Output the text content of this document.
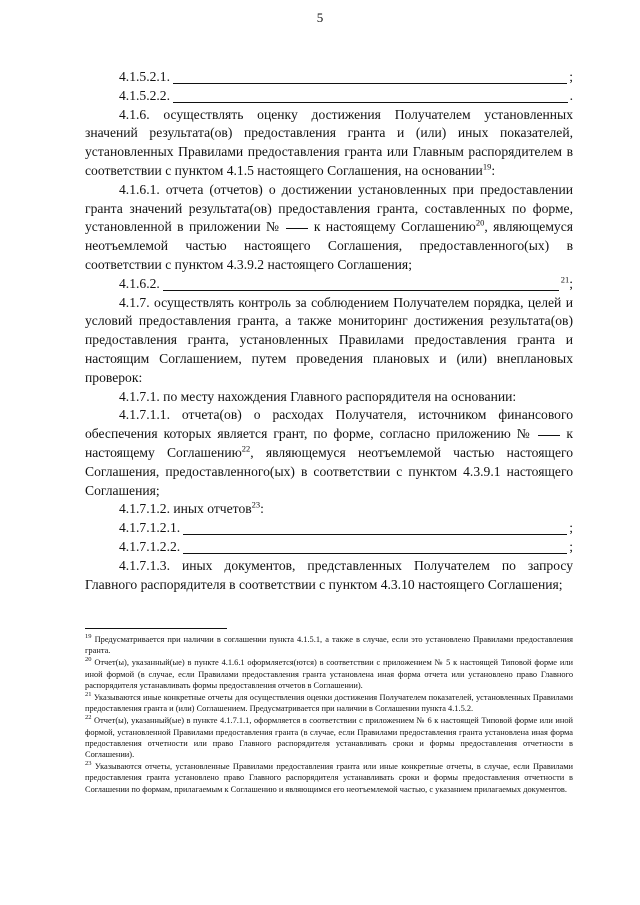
5
4.1.5.2.1.	;
4.1.5.2.2.	.

4.1.6. осуществлять оценку достижения Получателем установленных значений результата(ов) предоставления гранта и (или) иных показателей, установленных Правилами предоставления гранта или Главным распорядителем в соответствии с пунктом 4.1.5 настоящего Соглашения, на основании$^{19}$:

4.1.6.1. отчета (отчетов) о достижении установленных при предоставлении гранта значений результата(ов) предоставления гранта, составленных по форме, установленной в приложении № к настоящему Соглашению$^{20}$, являющемуся неотъемлемой частью настоящего Соглашения, предоставленного(ых) в соответствии с пунктом 4.3.9.2 настоящего Соглашения;

4.1.6.2.	$^{21}$;

4.1.7. осуществлять контроль за соблюдением Получателем порядка, целей и условий предоставления гранта, а также мониторинг достижения результата(ов) предоставления гранта, установленных Правилами предоставления гранта и настоящим Соглашением, путем проведения плановых и (или) внеплановых проверок:

4.1.7.1. по месту нахождения Главного распорядителя на основании:

4.1.7.1.1. отчета(ов) о расходах Получателя, источником финансового обеспечения которых является грант, по форме, согласно приложению №	к настоящему Соглашению$^{22}$, являющемуся неотъемлемой частью настоящего Соглашения, предоставленного(ых) в соответствии с пунктом 4.3.9.1 настоящего Соглашения;

4.1.7.1.2. иных отчетов$^{23}$:

4.1.7.1.2.1.	;
4.1.7.1.2.2.	;

4.1.7.1.3. иных документов, представленных Получателем по запросу Главного распорядителя в соответствии с пунктом 4.3.10 настоящего Соглашения;

$^{19}$ Предусматривается при наличии в соглашении пункта 4.1.5.1, а также в случае, если это установлено Правилами предоставления гранта.

$^{20}$ Отчет(ы), указанный(ые) в пункте 4.1.6.1 оформляется(ются) в соответствии с приложением № 5 к настоящей Типовой форме или иной формой (в случае, если Правилами предоставления гранта установлена иная форма отчета или установлено право Главного распорядителя устанавливать формы предоставления отчетов в Соглашении).

$^{21}$ Указываются иные конкретные отчеты для осуществления оценки достижения Получателем показателей, установленных Правилами предоставления гранта и (или) Соглашением. Предусматривается при наличии в Соглашении пункта 4.1.5.2.

$^{22}$ Отчет(ы), указанный(ые) в пункте 4.1.7.1.1, оформляется в соответствии с приложением № 6 к настоящей Типовой форме или иной формой, установленной Правилами предоставления гранта (в случае, если Правилами предоставления гранта установлена иная форма предоставления отчетности или право Главного распорядителя устанавливать сроки и формы предоставления отчетности в Соглашении).

$^{23}$ Указываются отчеты, установленные Правилами предоставления гранта или иные конкретные отчеты, в случае, если Правилами предоставления гранта установлено право Главного распорядителя устанавливать сроки и формы предоставления отчетности в Соглашении по формам, прилагаемым к Соглашению и являющимся его неотъемлемой частью, с указанием прилагаемых документов.
